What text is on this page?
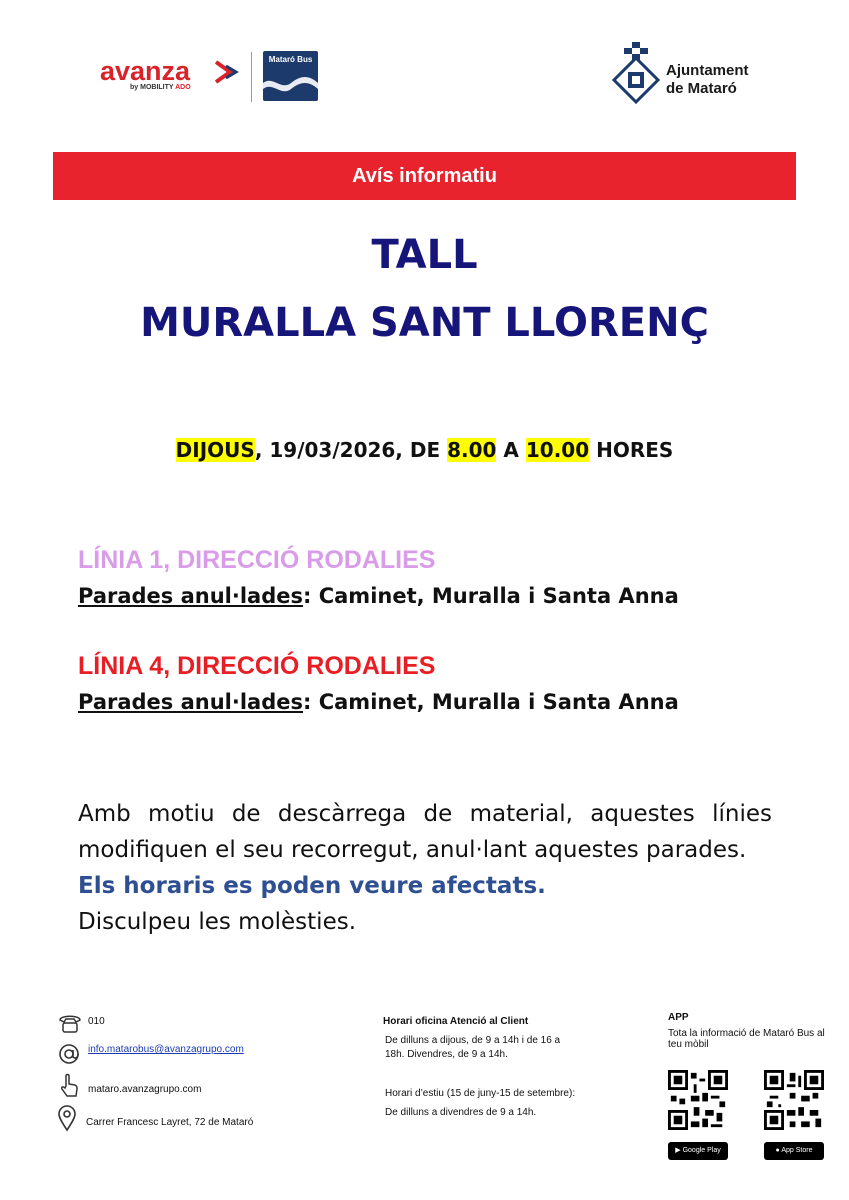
avanza
by MOBILITY ADO
Mataró Bus
Ajuntament
de Mataró
Avís informatiu
TALL
MURALLA SANT LLORENÇ
DIJOUS, 19/03/2026, DE 8.00 A 10.00 HORES
LÍNIA 1, DIRECCIÓ RODALIES
Parades anul·lades: Caminet, Muralla i Santa Anna
LÍNIA 4, DIRECCIÓ RODALIES
Parades anul·lades: Caminet, Muralla i Santa Anna
Amb motiu de descàrrega de material, aquestes línies modifiquen el seu recorregut, anul·lant aquestes parades.
Els horaris es poden veure afectats.
Disculpeu les molèsties.
010
info.matarobus@avanzagrupo.com
mataro.avanzagrupo.com
Carrer Francesc Layret, 72 de Mataró
Horari oficina Atenció al Client
De dilluns a dijous, de 9 a 14h i de 16 a
18h. Divendres, de 9 a 14h.
Horari d’estiu (15 de juny-15 de setembre):
De dilluns a divendres de 9 a 14h.
APP
Tota la informació de Mataró Bus al
teu mòbil
▶ Google Play	● App Store
